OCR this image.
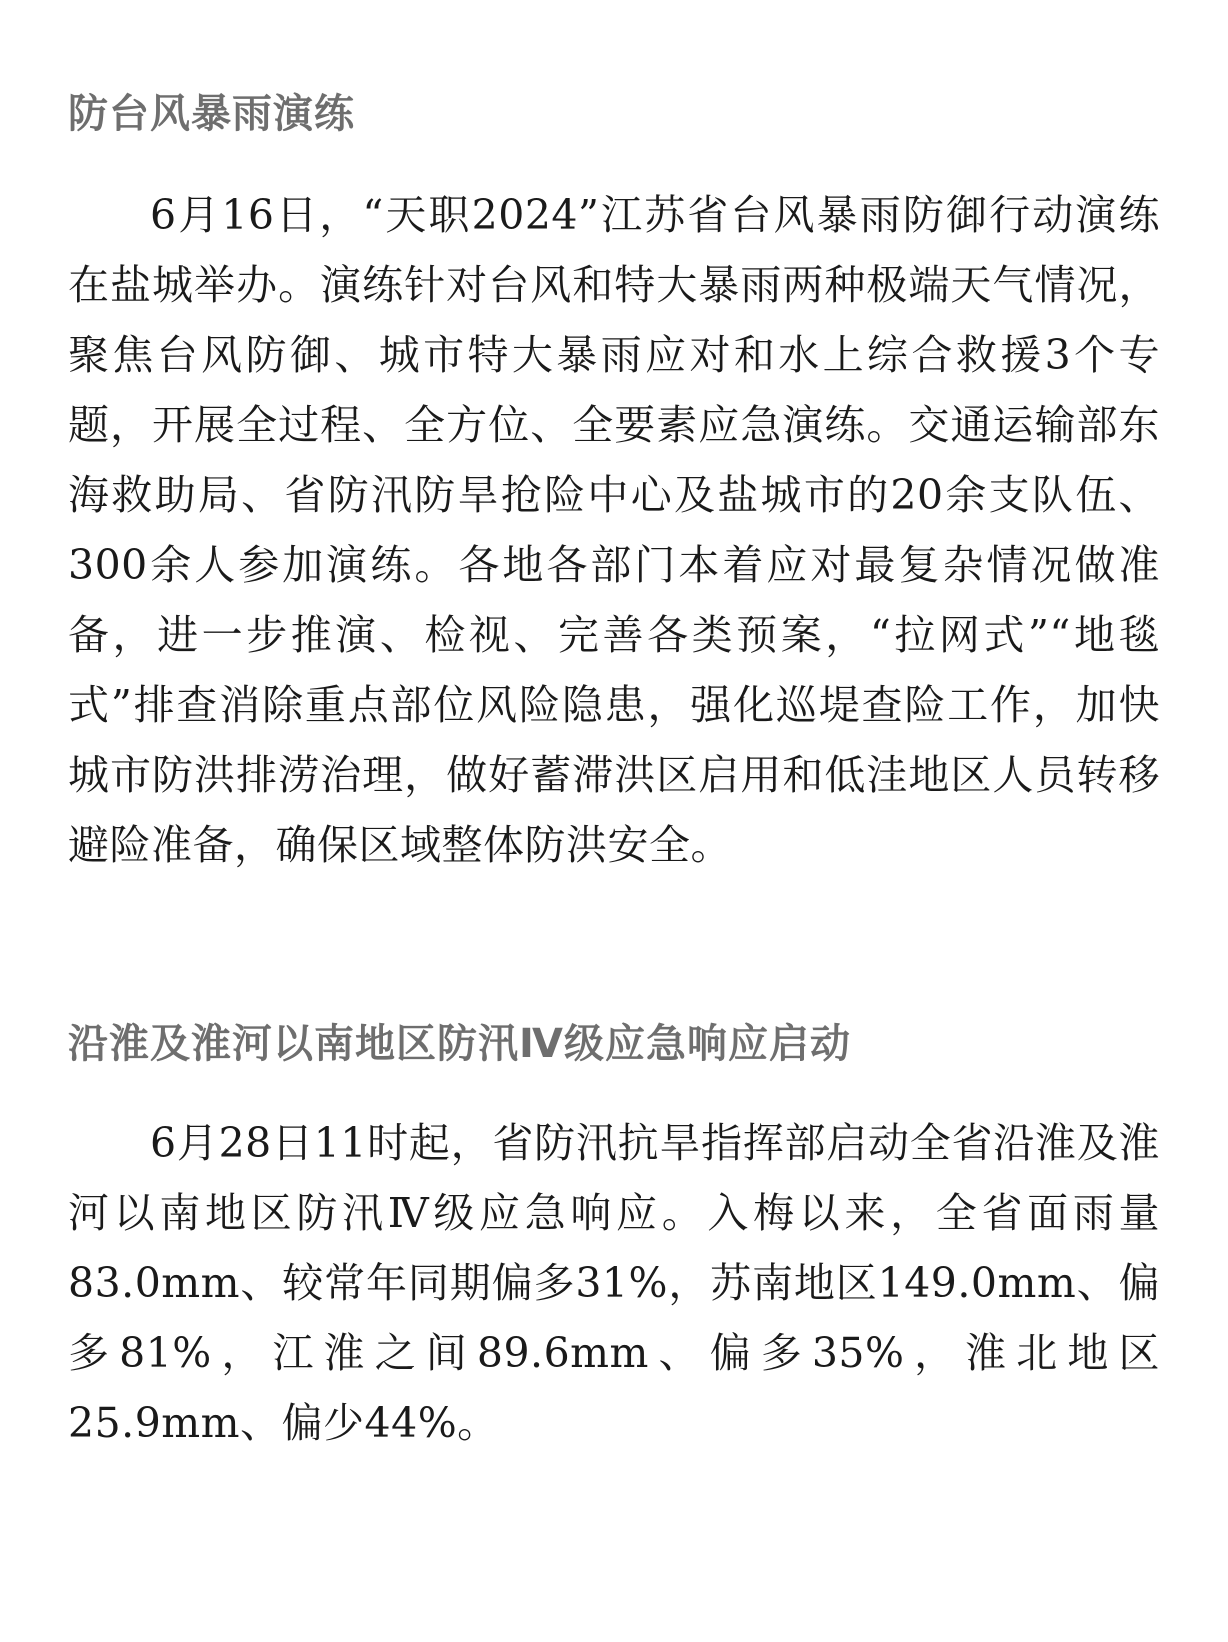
防台风暴雨演练

6月16日，“天职2024”江苏省台风暴雨防御行动演练在盐城举办。演练针对台风和特大暴雨两种极端天气情况，聚焦台风防御、城市特大暴雨应对和水上综合救援3个专题，开展全过程、全方位、全要素应急演练。交通运输部东海救助局、省防汛防旱抢险中心及盐城市的20余支队伍、300余人参加演练。各地各部门本着应对最复杂情况做准备，进一步推演、检视、完善各类预案，“拉网式”“地毯式”排查消除重点部位风险隐患，强化巡堤查险工作，加快城市防洪排涝治理，做好蓄滞洪区启用和低洼地区人员转移避险准备，确保区域整体防洪安全。

沿淮及淮河以南地区防汛Ⅳ级应急响应启动

6月28日11时起，省防汛抗旱指挥部启动全省沿淮及淮河以南地区防汛Ⅳ级应急响应。入梅以来，全省面雨量83.0mm、较常年同期偏多31%，苏南地区149.0mm、偏多81%，江淮之间89.6mm、偏多35%，淮北地区25.9mm、偏少44%。
